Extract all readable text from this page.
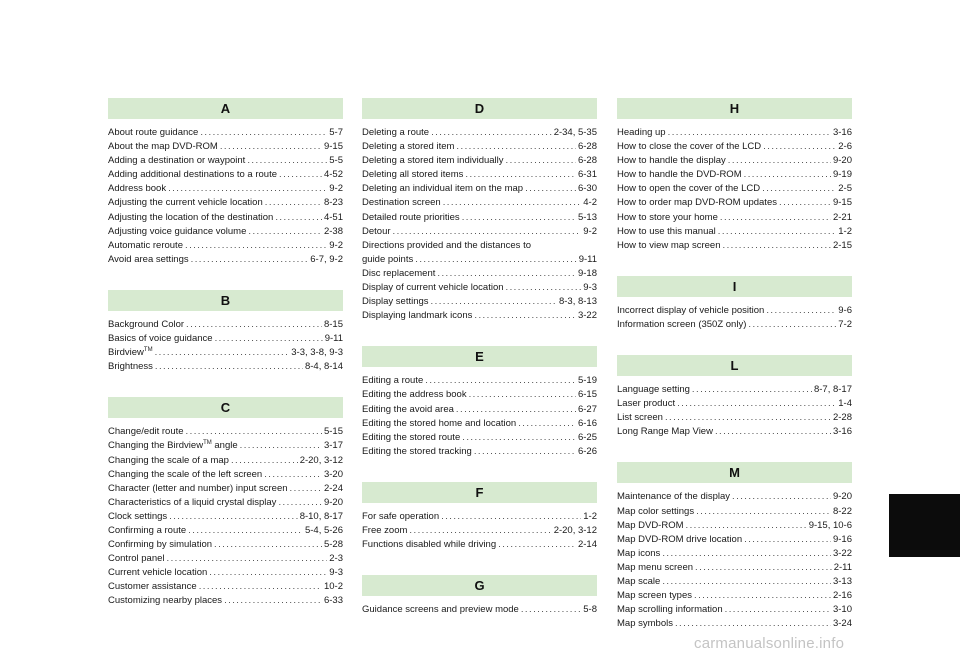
A
About route guidance . . .	5-7
About the map DVD-ROM . . .	9-15
Adding a destination or waypoint . . .	5-5
Adding additional destinations to a route . . .	4-52
Address book . . .	9-2
Adjusting the current vehicle location . . .	8-23
Adjusting the location of the destination . . .	4-51
Adjusting voice guidance volume . . .	2-38
Automatic reroute . . .	9-2
Avoid area settings . . .	6-7, 9-2
B
Background Color . . .	8-15
Basics of voice guidance . . .	9-11
Birdview™ . . .	3-3, 3-8, 9-3
Brightness . . .	8-4, 8-14
C
Change/edit route . . .	5-15
Changing the Birdview™ angle . . .	3-17
Changing the scale of a map . . .	2-20, 3-12
Changing the scale of the left screen . . .	3-20
Character (letter and number) input screen . . .	2-24
Characteristics of a liquid crystal display . . .	9-20
Clock settings . . .	8-10, 8-17
Confirming a route . . .	5-4, 5-26
Confirming by simulation . . .	5-28
Control panel . . .	2-3
Current vehicle location . . .	9-3
Customer assistance . . .	10-2
Customizing nearby places . . .	6-33
D
Deleting a route . . .	2-34, 5-35
Deleting a stored item . . .	6-28
Deleting a stored item individually . . .	6-28
Deleting all stored items . . .	6-31
Deleting an individual item on the map . . .	6-30
Destination screen . . .	4-2
Detailed route priorities . . .	5-13
Detour . . .	9-2
Directions provided and the distances to
guide points . . .	9-11
Disc replacement . . .	9-18
Display of current vehicle location . . .	9-3
Display settings . . .	8-3, 8-13
Displaying landmark icons . . .	3-22
E
Editing a route . . .	5-19
Editing the address book . . .	6-15
Editing the avoid area . . .	6-27
Editing the stored home and location . . .	6-16
Editing the stored route . . .	6-25
Editing the stored tracking . . .	6-26
F
For safe operation . . .	1-2
Free zoom . . .	2-20, 3-12
Functions disabled while driving . . .	2-14
G
Guidance screens and preview mode . . .	5-8
H
Heading up . . .	3-16
How to close the cover of the LCD . . .	2-6
How to handle the display . . .	9-20
How to handle the DVD-ROM . . .	9-19
How to open the cover of the LCD . . .	2-5
How to order map DVD-ROM updates . . .	9-15
How to store your home . . .	2-21
How to use this manual . . .	1-2
How to view map screen . . .	2-15
I
Incorrect display of vehicle position . . .	9-6
Information screen (350Z only) . . .	7-2
L
Language setting . . .	8-7, 8-17
Laser product . . .	1-4
List screen . . .	2-28
Long Range Map View . . .	3-16
M
Maintenance of the display . . .	9-20
Map color settings . . .	8-22
Map DVD-ROM . . .	9-15, 10-6
Map DVD-ROM drive location . . .	9-16
Map icons . . .	3-22
Map menu screen . . .	2-11
Map scale . . .	3-13
Map screen types . . .	2-16
Map scrolling information . . .	3-10
Map symbols . . .	3-24
carmanualsonline.info
